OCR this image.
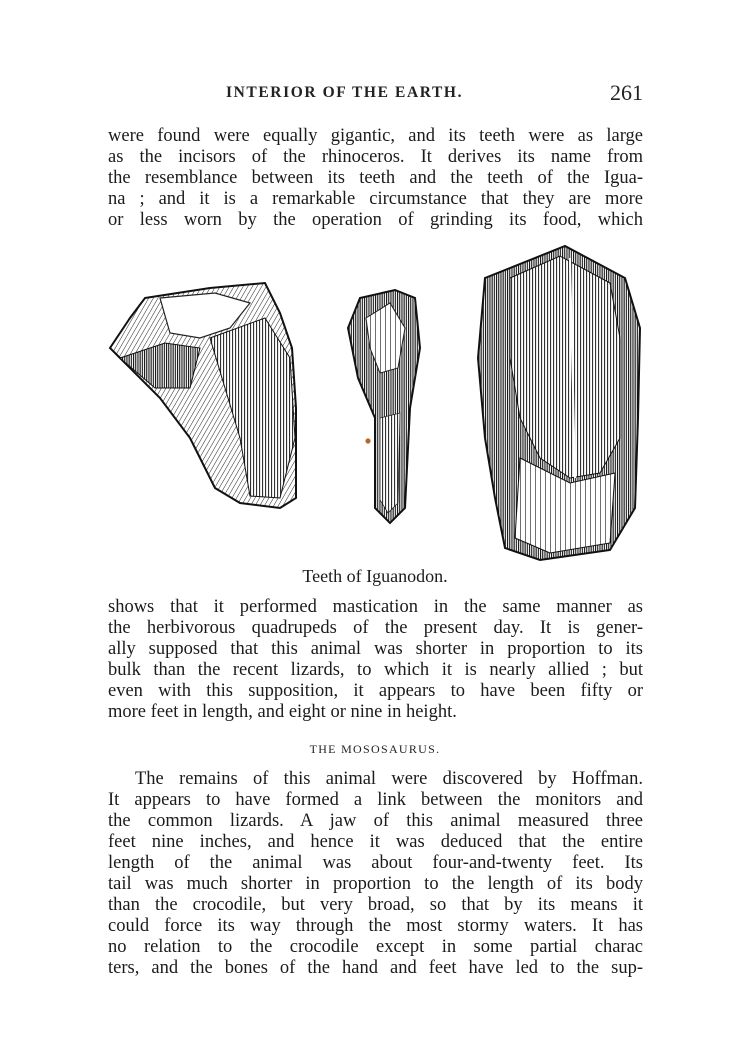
INTERIOR OF THE EARTH.	261
were found were equally gigantic, and its teeth were as large
as the incisors of the rhinoceros. It derives its name from
the resemblance between its teeth and the teeth of the Igua-
na ; and it is a remarkable circumstance that they are more
or less worn by the operation of grinding its food, which
Teeth of Iguanodon.
shows that it performed mastication in the same manner as
the herbivorous quadrupeds of the present day. It is gener-
ally supposed that this animal was shorter in proportion to its
bulk than the recent lizards, to which it is nearly allied ; but
even with this supposition, it appears to have been fifty or
more feet in length, and eight or nine in height.
THE MOSOSAURUS.
The remains of this animal were discovered by Hoffman.
It appears to have formed a link between the monitors and
the common lizards. A jaw of this animal measured three
feet nine inches, and hence it was deduced that the entire
length of the animal was about four-and-twenty feet. Its
tail was much shorter in proportion to the length of its body
than the crocodile, but very broad, so that by its means it
could force its way through the most stormy waters. It has
no relation to the crocodile except in some partial charac
ters, and the bones of the hand and feet have led to the sup-
